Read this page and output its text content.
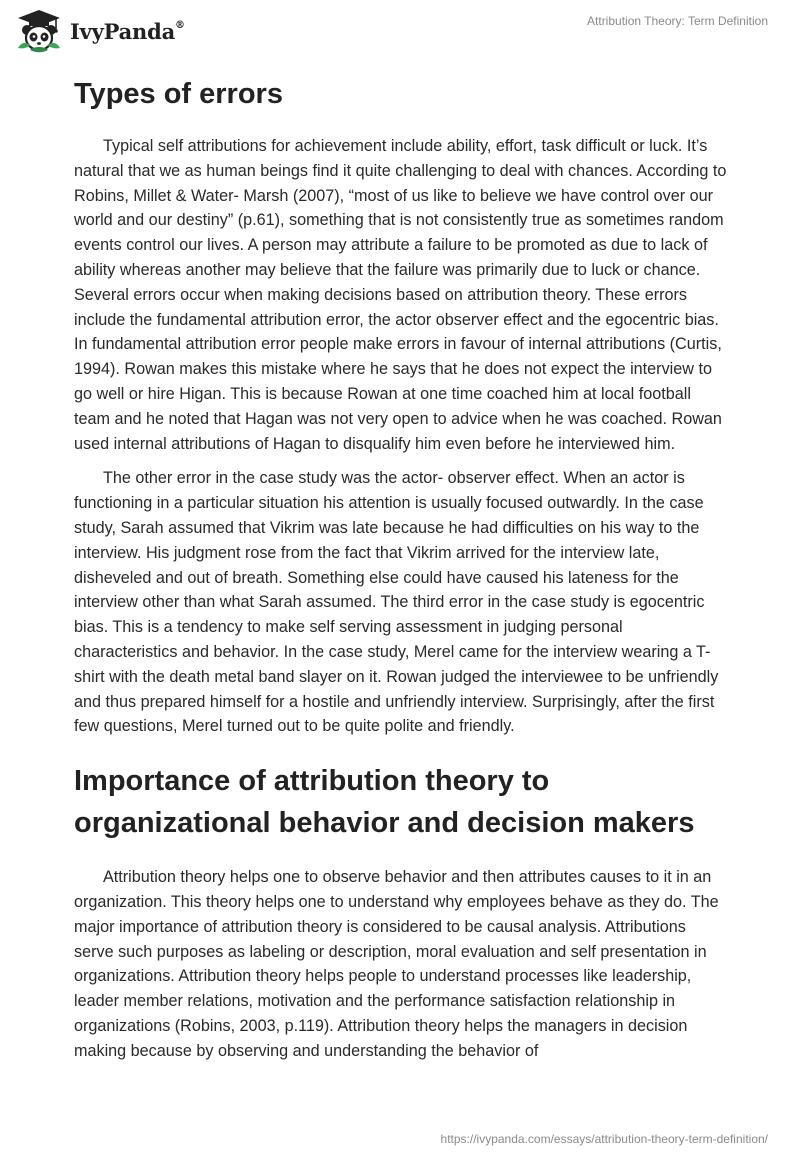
IvyPanda®	Attribution Theory: Term Definition
Types of errors

Typical self attributions for achievement include ability, effort, task difficult or luck. It’s natural that we as human beings find it quite challenging to deal with chances. According to Robins, Millet & Water- Marsh (2007), “most of us like to believe we have control over our world and our destiny” (p.61), something that is not consistently true as sometimes random events control our lives. A person may attribute a failure to be promoted as due to lack of ability whereas another may believe that the failure was primarily due to luck or chance. Several errors occur when making decisions based on attribution theory. These errors include the fundamental attribution error, the actor observer effect and the egocentric bias. In fundamental attribution error people make errors in favour of internal attributions (Curtis, 1994). Rowan makes this mistake where he says that he does not expect the interview to go well or hire Higan. This is because Rowan at one time coached him at local football team and he noted that Hagan was not very open to advice when he was coached. Rowan used internal attributions of Hagan to disqualify him even before he interviewed him.

The other error in the case study was the actor- observer effect. When an actor is functioning in a particular situation his attention is usually focused outwardly. In the case study, Sarah assumed that Vikrim was late because he had difficulties on his way to the interview. His judgment rose from the fact that Vikrim arrived for the interview late, disheveled and out of breath. Something else could have caused his lateness for the interview other than what Sarah assumed. The third error in the case study is egocentric bias. This is a tendency to make self serving assessment in judging personal characteristics and behavior. In the case study, Merel came for the interview wearing a T-shirt with the death metal band slayer on it. Rowan judged the interviewee to be unfriendly and thus prepared himself for a hostile and unfriendly interview. Surprisingly, after the first few questions, Merel turned out to be quite polite and friendly.

Importance of attribution theory to organizational behavior and decision makers

Attribution theory helps one to observe behavior and then attributes causes to it in an organization. This theory helps one to understand why employees behave as they do. The major importance of attribution theory is considered to be causal analysis. Attributions serve such purposes as labeling or description, moral evaluation and self presentation in organizations. Attribution theory helps people to understand processes like leadership, leader member relations, motivation and the performance satisfaction relationship in organizations (Robins, 2003, p.119). Attribution theory helps the managers in decision making because by observing and understanding the behavior of

https://ivypanda.com/essays/attribution-theory-term-definition/
